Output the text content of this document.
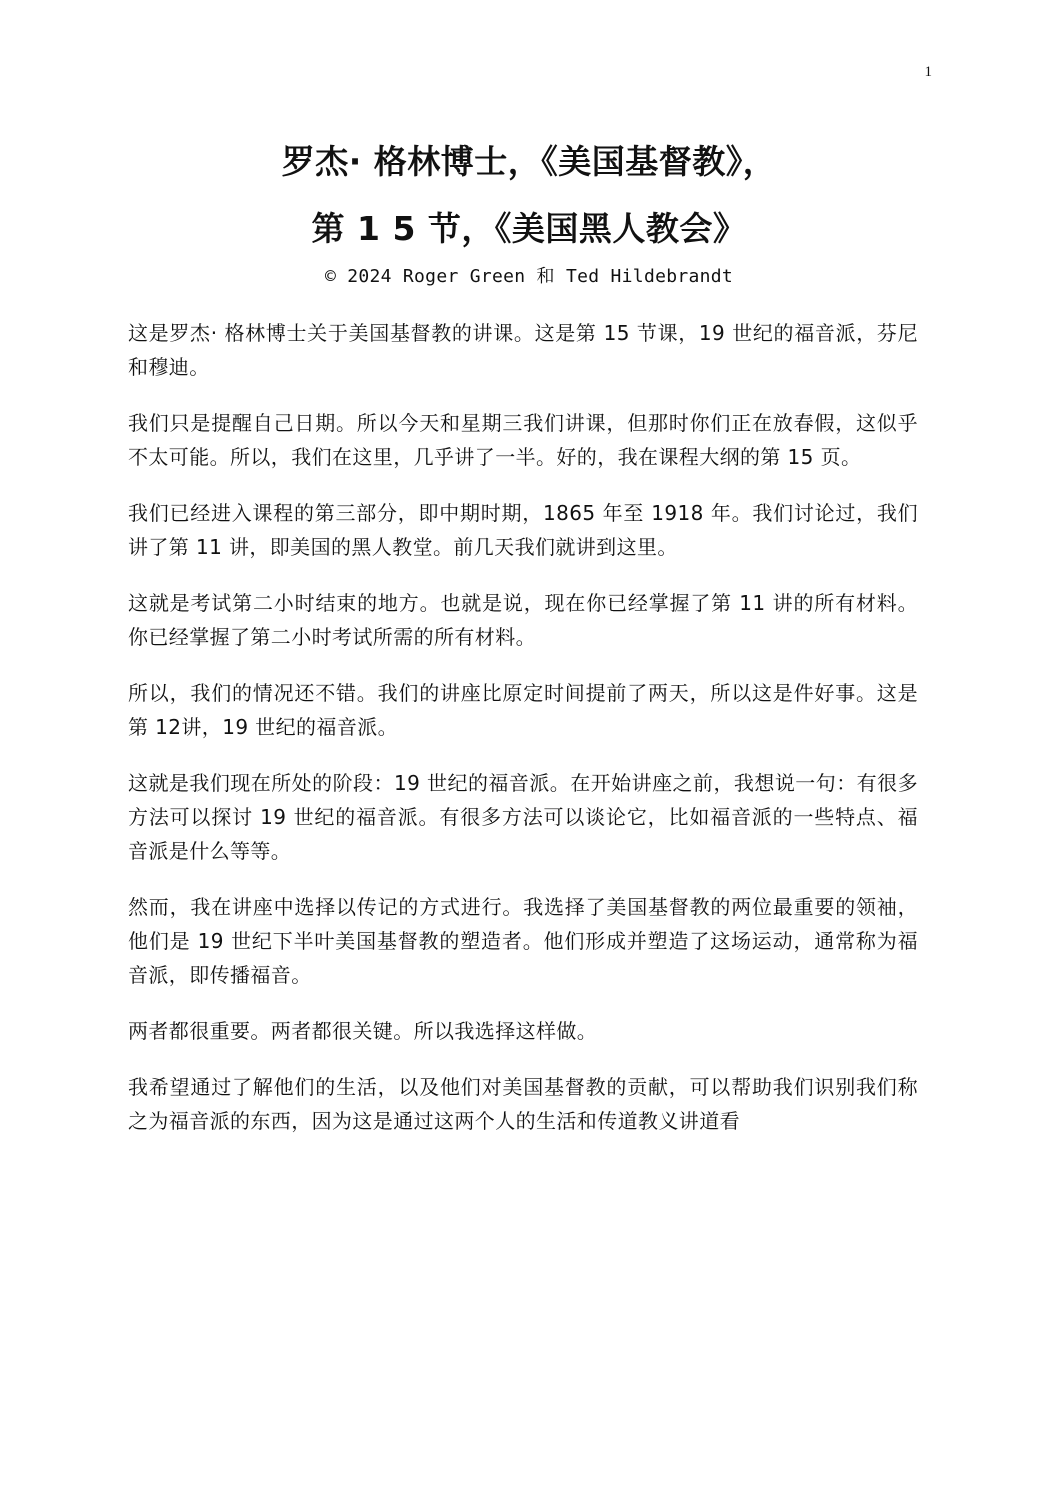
1
罗杰· 格林博士，《美国基督教》，
第 1 5 节，《美国黑人教会》
© 2024 Roger Green 和 Ted Hildebrandt

这是罗杰· 格林博士关于美国基督教的讲课。这是第 15 节课，19 世纪的福音派，芬尼和穆迪。

我们只是提醒自己日期。所以今天和星期三我们讲课，但那时你们正在放春假，这似乎不太可能。所以，我们在这里，几乎讲了一半。好的，我在课程大纲的第 15 页。

我们已经进入课程的第三部分，即中期时期，1865 年至 1918 年。我们讨论过，我们讲了第 11 讲，即美国的黑人教堂。前几天我们就讲到这里。

这就是考试第二小时结束的地方。也就是说，现在你已经掌握了第 11 讲的所有材料。你已经掌握了第二小时考试所需的所有材料。

所以，我们的情况还不错。我们的讲座比原定时间提前了两天，所以这是件好事。这是第 12讲，19 世纪的福音派。

这就是我们现在所处的阶段：19 世纪的福音派。在开始讲座之前，我想说一句：有很多方法可以探讨 19 世纪的福音派。有很多方法可以谈论它，比如福音派的一些特点、福音派是什么等等。

然而，我在讲座中选择以传记的方式进行。我选择了美国基督教的两位最重要的领袖，他们是 19 世纪下半叶美国基督教的塑造者。他们形成并塑造了这场运动，通常称为福音派，即传播福音。

两者都很重要。两者都很关键。所以我选择这样做。

我希望通过了解他们的生活，以及他们对美国基督教的贡献，可以帮助我们识别我们称之为福音派的东西，因为这是通过这两个人的生活和传道教义讲道看
